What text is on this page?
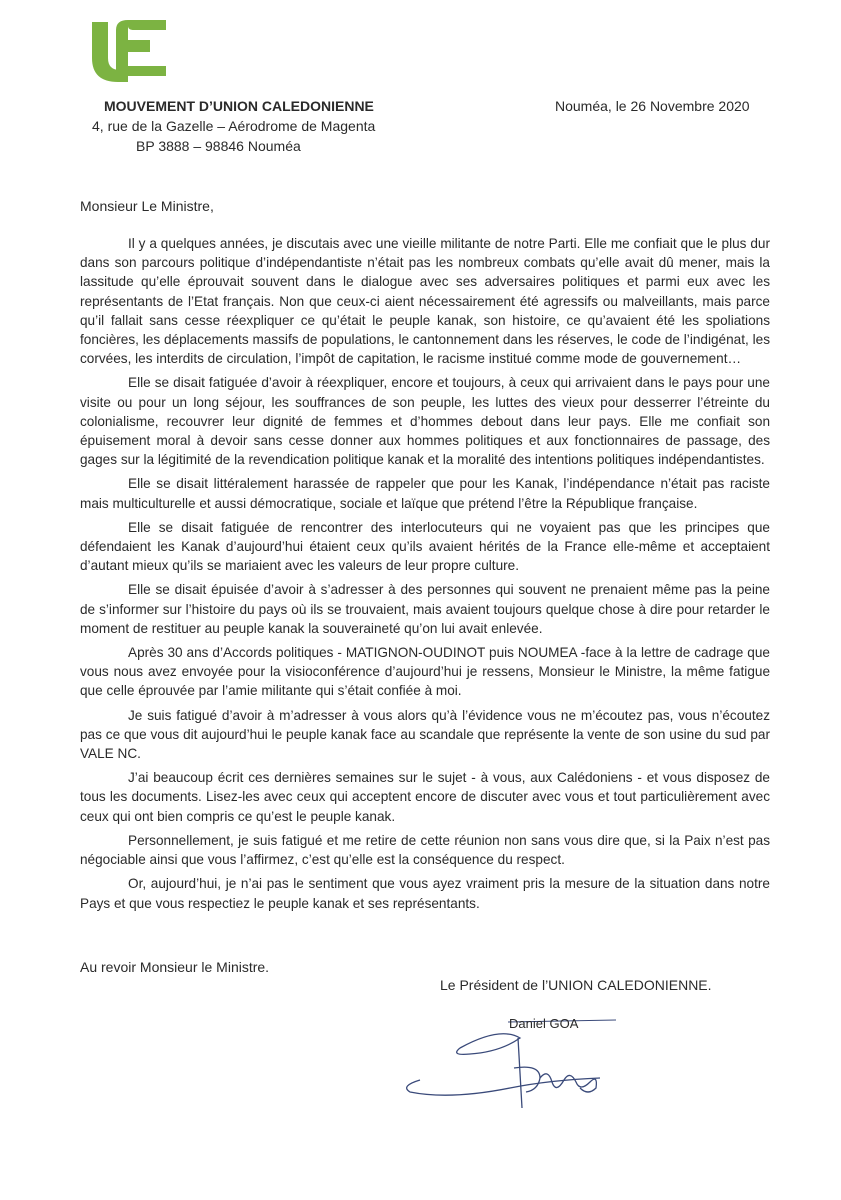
MOUVEMENT D’UNION CALEDONIENNE
4, rue de la Gazelle – Aérodrome de Magenta
BP 3888 – 98846 Nouméa
Nouméa, le 26 Novembre 2020
Monsieur Le Ministre,

Il y a quelques années, je discutais avec une vieille militante de notre Parti. Elle me confiait que le plus dur dans son parcours politique d’indépendantiste n’était pas les nombreux combats qu’elle avait dû mener, mais la lassitude qu’elle éprouvait souvent dans le dialogue avec ses adversaires politiques et parmi eux avec les représentants de l’Etat français. Non que ceux-ci aient nécessairement été agressifs ou malveillants, mais parce qu’il fallait sans cesse réexpliquer ce qu’était le peuple kanak, son histoire, ce qu’avaient été les spoliations foncières, les déplacements massifs de populations, le cantonnement dans les réserves, le code de l’indigénat, les corvées, les interdits de circulation, l’impôt de capitation, le racisme institué comme mode de gouvernement…

Elle se disait fatiguée d’avoir à réexpliquer, encore et toujours, à ceux qui arrivaient dans le pays pour une visite ou pour un long séjour, les souffrances de son peuple, les luttes des vieux pour desserrer l’étreinte du colonialisme, recouvrer leur dignité de femmes et d’hommes debout dans leur pays. Elle me confiait son épuisement moral à devoir sans cesse donner aux hommes politiques et aux fonctionnaires de passage, des gages sur la légitimité de la revendication politique kanak et la moralité des intentions politiques indépendantistes.

Elle se disait littéralement harassée de rappeler que pour les Kanak, l’indépendance n’était pas raciste mais multiculturelle et aussi démocratique, sociale et laïque que prétend l’être la République française.

Elle se disait fatiguée de rencontrer des interlocuteurs qui ne voyaient pas que les principes que défendaient les Kanak d’aujourd’hui étaient ceux qu’ils avaient hérités de la France elle-même et acceptaient d’autant mieux qu’ils se mariaient avec les valeurs de leur propre culture.

Elle se disait épuisée d’avoir à s’adresser à des personnes qui souvent ne prenaient même pas la peine de s’informer sur l’histoire du pays où ils se trouvaient, mais avaient toujours quelque chose à dire pour retarder le moment de restituer au peuple kanak la souveraineté qu’on lui avait enlevée.

Après 30 ans d’Accords politiques - MATIGNON-OUDINOT puis NOUMEA -face à la lettre de cadrage que vous nous avez envoyée pour la visioconférence d’aujourd’hui je ressens, Monsieur le Ministre, la même fatigue que celle éprouvée par l’amie militante qui s’était confiée à moi.

Je suis fatigué d’avoir à m’adresser à vous alors qu’à l’évidence vous ne m’écoutez pas, vous n’écoutez pas ce que vous dit aujourd’hui le peuple kanak face au scandale que représente la vente de son usine du sud par VALE NC.

J’ai beaucoup écrit ces dernières semaines sur le sujet - à vous, aux Calédoniens - et vous disposez de tous les documents. Lisez-les avec ceux qui acceptent encore de discuter avec vous et tout particulièrement avec ceux qui ont bien compris ce qu’est le peuple kanak.

Personnellement, je suis fatigué et me retire de cette réunion non sans vous dire que, si la Paix n’est pas négociable ainsi que vous l’affirmez, c’est qu’elle est la conséquence du respect.

Or, aujourd’hui, je n’ai pas le sentiment que vous ayez vraiment pris la mesure de la situation dans notre Pays et que vous respectiez le peuple kanak et ses représentants.

Au revoir Monsieur le Ministre.
Le Président de l’UNION CALEDONIENNE.
Daniel GOA
